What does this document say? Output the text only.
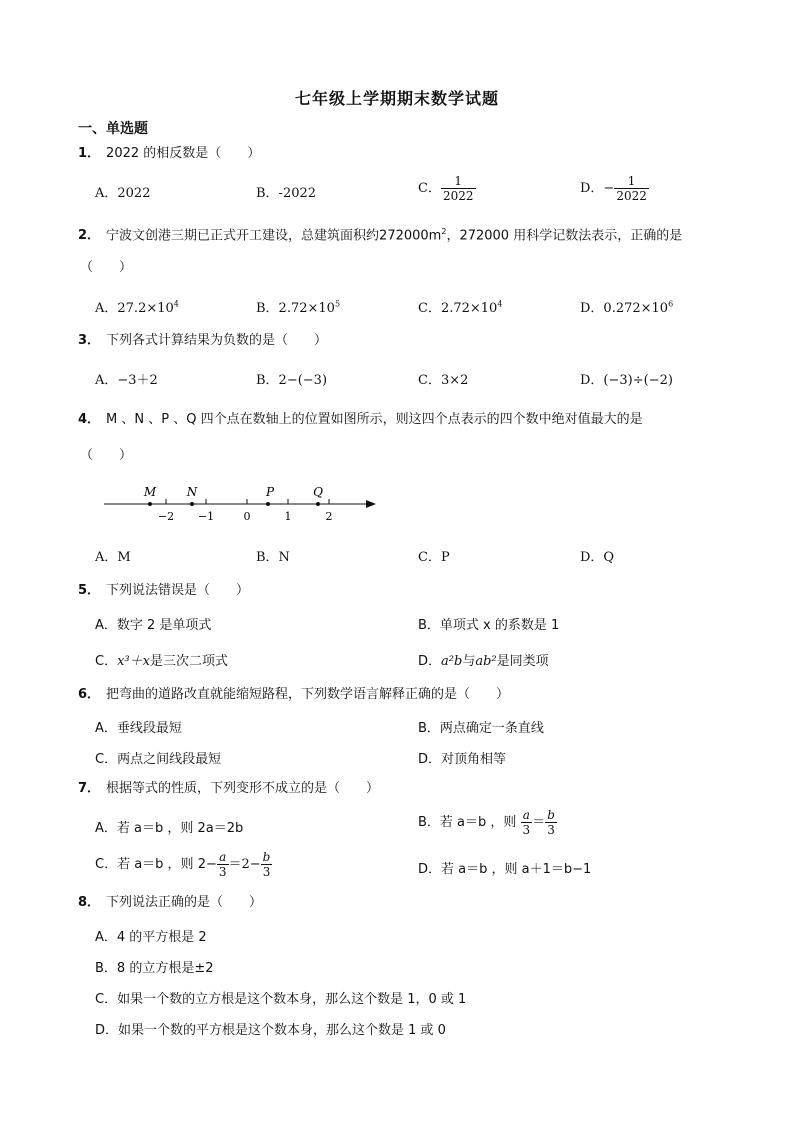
七年级上学期期末数学试题
一、单选题
1． 2022 的相反数是（　　）
A．2022	B．-2022	C． $\frac{1}{2022}$	D．− $\frac{1}{2022}$
2． 宁波文创港三期已正式开工建设，总建筑面积约$272000m^2$，272000 用科学记数法表示，正确的是
（　　）
A．$27.2\times 10^4$	B．$2.72\times 10^5$	C．$2.72\times 10^4$	D．$0.272\times 10^6$
3． 下列各式计算结果为负数的是（　　）
A．−3＋2	B．2−(−3)	C．3×2	D．(−3)÷(−2)
4． M 、N 、P 、Q 四个点在数轴上的位置如图所示，则这四个点表示的四个数中绝对值最大的是
（　　）
−2 −1	0	1	2
M	N	P	Q
A．M	B．N	C．P	D．Q
5． 下列说法错误是（　　）
A．数字 2 是单项式	B．单项式 x 的系数是 1
C．x³＋x是三次二项式	D．a²b与ab²是同类项
6． 把弯曲的道路改直就能缩短路程，下列数学语言解释正确的是（　　）
A．垂线段最短	B．两点确定一条直线
C．两点之间线段最短	D．对顶角相等
7． 根据等式的性质，下列变形不成立的是（　　）
A．若 a＝b ，则 2a＝2b	B．若 a＝b ，则 $\frac{a}{3} = \frac{b}{3}$
C．若 a＝b ，则 $2- \frac{a}{3} =2- \frac{b}{3}$	D．若 a＝b ，则 a＋1＝b−1
8． 下列说法正确的是（　　）
A．4 的平方根是 2
B．8 的立方根是±2
C．如果一个数的立方根是这个数本身，那么这个数是 1，0 或 1
D．如果一个数的平方根是这个数本身，那么这个数是 1 或 0
